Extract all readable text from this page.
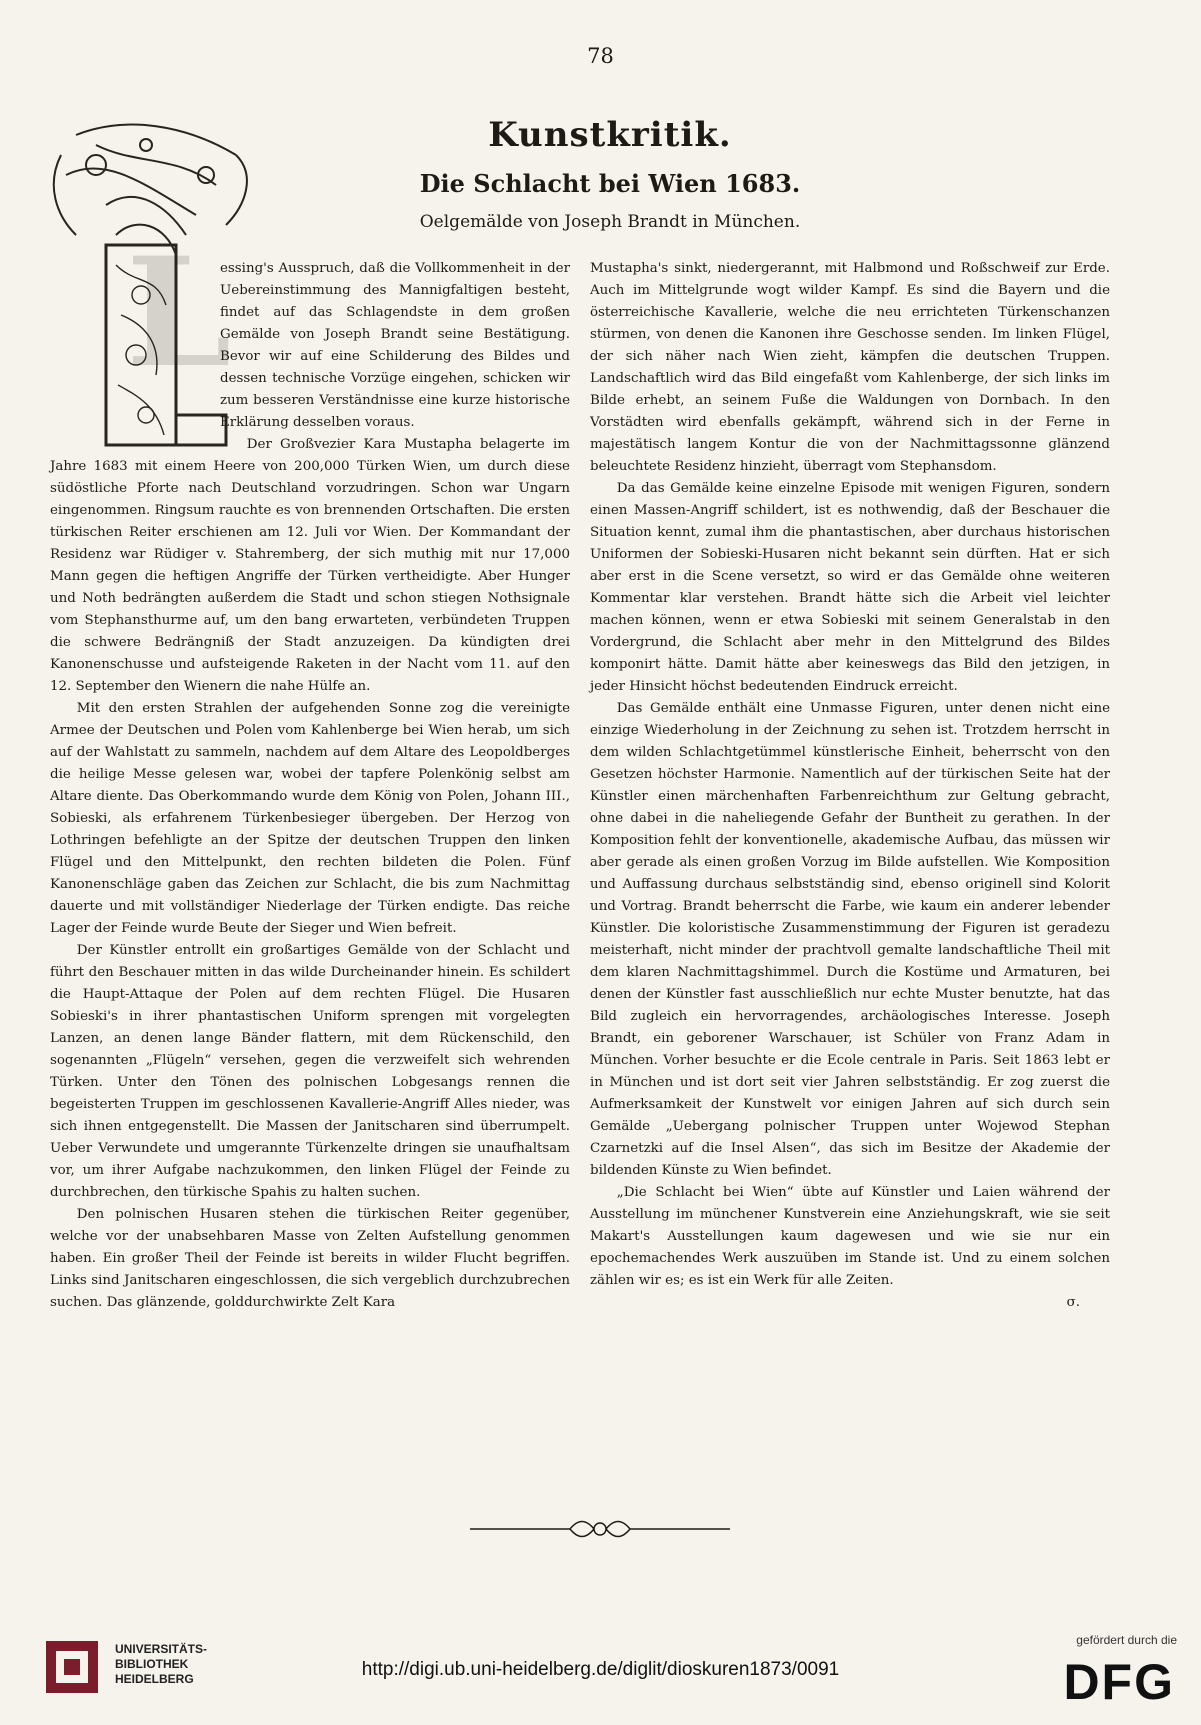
78
L
Kunstkritik.
Die Schlacht bei Wien 1683.
Oelgemälde von Joseph Brandt in München.

essing's Ausspruch, daß die Vollkommenheit in der Uebereinstimmung des Mannigfaltigen besteht, findet auf das Schlagendste in dem großen Gemälde von Joseph Brandt seine Bestätigung. Bevor wir auf eine Schilderung des Bildes und dessen technische Vorzüge eingehen, schicken wir zum besseren Verständnisse eine kurze historische Erklärung desselben voraus.

Der Großvezier Kara Mustapha belagerte im Jahre 1683 mit einem Heere von 200,000 Türken Wien, um durch diese südöstliche Pforte nach Deutschland vorzudringen. Schon war Ungarn eingenommen. Ringsum rauchte es von brennenden Ortschaften. Die ersten türkischen Reiter erschienen am 12. Juli vor Wien. Der Kommandant der Residenz war Rüdiger v. Stahremberg, der sich muthig mit nur 17,000 Mann gegen die heftigen Angriffe der Türken vertheidigte. Aber Hunger und Noth bedrängten außerdem die Stadt und schon stiegen Nothsignale vom Stephansthurme auf, um den bang erwarteten, verbündeten Truppen die schwere Bedrängniß der Stadt anzuzeigen. Da kündigten drei Kanonenschusse und aufsteigende Raketen in der Nacht vom 11. auf den 12. September den Wienern die nahe Hülfe an.

Mit den ersten Strahlen der aufgehenden Sonne zog die vereinigte Armee der Deutschen und Polen vom Kahlenberge bei Wien herab, um sich auf der Wahlstatt zu sammeln, nachdem auf dem Altare des Leopoldberges die heilige Messe gelesen war, wobei der tapfere Polenkönig selbst am Altare diente. Das Oberkommando wurde dem König von Polen, Johann III., Sobieski, als erfahrenem Türkenbesieger übergeben. Der Herzog von Lothringen befehligte an der Spitze der deutschen Truppen den linken Flügel und den Mittelpunkt, den rechten bildeten die Polen. Fünf Kanonenschläge gaben das Zeichen zur Schlacht, die bis zum Nachmittag dauerte und mit vollständiger Niederlage der Türken endigte. Das reiche Lager der Feinde wurde Beute der Sieger und Wien befreit.

Der Künstler entrollt ein großartiges Gemälde von der Schlacht und führt den Beschauer mitten in das wilde Durcheinander hinein. Es schildert die Haupt-Attaque der Polen auf dem rechten Flügel. Die Husaren Sobieski's in ihrer phantastischen Uniform sprengen mit vorgelegten Lanzen, an denen lange Bänder flattern, mit dem Rückenschild, den sogenannten „Flügeln“ versehen, gegen die verzweifelt sich wehrenden Türken. Unter den Tönen des polnischen Lobgesangs rennen die begeisterten Truppen im geschlossenen Kavallerie-Angriff Alles nieder, was sich ihnen entgegenstellt. Die Massen der Janitscharen sind überrumpelt. Ueber Verwundete und umgerannte Türkenzelte dringen sie unaufhaltsam vor, um ihrer Aufgabe nachzukommen, den linken Flügel der Feinde zu durchbrechen, den türkische Spahis zu halten suchen.

Den polnischen Husaren stehen die türkischen Reiter gegenüber, welche vor der unabsehbaren Masse von Zelten Aufstellung genommen haben. Ein großer Theil der Feinde ist bereits in wilder Flucht begriffen. Links sind Janitscharen eingeschlossen, die sich vergeblich durchzubrechen suchen. Das glänzende, golddurchwirkte Zelt Kara

Mustapha's sinkt, niedergerannt, mit Halbmond und Roßschweif zur Erde. Auch im Mittelgrunde wogt wilder Kampf. Es sind die Bayern und die österreichische Kavallerie, welche die neu errichteten Türkenschanzen stürmen, von denen die Kanonen ihre Geschosse senden. Im linken Flügel, der sich näher nach Wien zieht, kämpfen die deutschen Truppen. Landschaftlich wird das Bild eingefaßt vom Kahlenberge, der sich links im Bilde erhebt, an seinem Fuße die Waldungen von Dornbach. In den Vorstädten wird ebenfalls gekämpft, während sich in der Ferne in majestätisch langem Kontur die von der Nachmittagssonne glänzend beleuchtete Residenz hinzieht, überragt vom Stephansdom.

Da das Gemälde keine einzelne Episode mit wenigen Figuren, sondern einen Massen-Angriff schildert, ist es nothwendig, daß der Beschauer die Situation kennt, zumal ihm die phantastischen, aber durchaus historischen Uniformen der Sobieski-Husaren nicht bekannt sein dürften. Hat er sich aber erst in die Scene versetzt, so wird er das Gemälde ohne weiteren Kommentar klar verstehen. Brandt hätte sich die Arbeit viel leichter machen können, wenn er etwa Sobieski mit seinem Generalstab in den Vordergrund, die Schlacht aber mehr in den Mittelgrund des Bildes komponirt hätte. Damit hätte aber keineswegs das Bild den jetzigen, in jeder Hinsicht höchst bedeutenden Eindruck erreicht.

Das Gemälde enthält eine Unmasse Figuren, unter denen nicht eine einzige Wiederholung in der Zeichnung zu sehen ist. Trotzdem herrscht in dem wilden Schlachtgetümmel künstlerische Einheit, beherrscht von den Gesetzen höchster Harmonie. Namentlich auf der türkischen Seite hat der Künstler einen märchenhaften Farbenreichthum zur Geltung gebracht, ohne dabei in die naheliegende Gefahr der Buntheit zu gerathen. In der Komposition fehlt der konventionelle, akademische Aufbau, das müssen wir aber gerade als einen großen Vorzug im Bilde aufstellen. Wie Komposition und Auffassung durchaus selbstständig sind, ebenso originell sind Kolorit und Vortrag. Brandt beherrscht die Farbe, wie kaum ein anderer lebender Künstler. Die koloristische Zusammenstimmung der Figuren ist geradezu meisterhaft, nicht minder der prachtvoll gemalte landschaftliche Theil mit dem klaren Nachmittagshimmel. Durch die Kostüme und Armaturen, bei denen der Künstler fast ausschließlich nur echte Muster benutzte, hat das Bild zugleich ein hervorragendes, archäologisches Interesse. Joseph Brandt, ein geborener Warschauer, ist Schüler von Franz Adam in München. Vorher besuchte er die Ecole centrale in Paris. Seit 1863 lebt er in München und ist dort seit vier Jahren selbstständig. Er zog zuerst die Aufmerksamkeit der Kunstwelt vor einigen Jahren auf sich durch sein Gemälde „Uebergang polnischer Truppen unter Wojewod Stephan Czarnetzki auf die Insel Alsen“, das sich im Besitze der Akademie der bildenden Künste zu Wien befindet.

„Die Schlacht bei Wien“ übte auf Künstler und Laien während der Ausstellung im münchener Kunstverein eine Anziehungskraft, wie sie seit Makart's Ausstellungen kaum dagewesen und wie sie nur ein epochemachendes Werk auszuüben im Stande ist. Und zu einem solchen zählen wir es; es ist ein Werk für alle Zeiten.

σ.

UNIVERSITÄTS-
BIBLIOTHEK
HEIDELBERG	http://digi.ub.uni-heidelberg.de/diglit/dioskuren1873/0091
gefördert durch die
DFG
